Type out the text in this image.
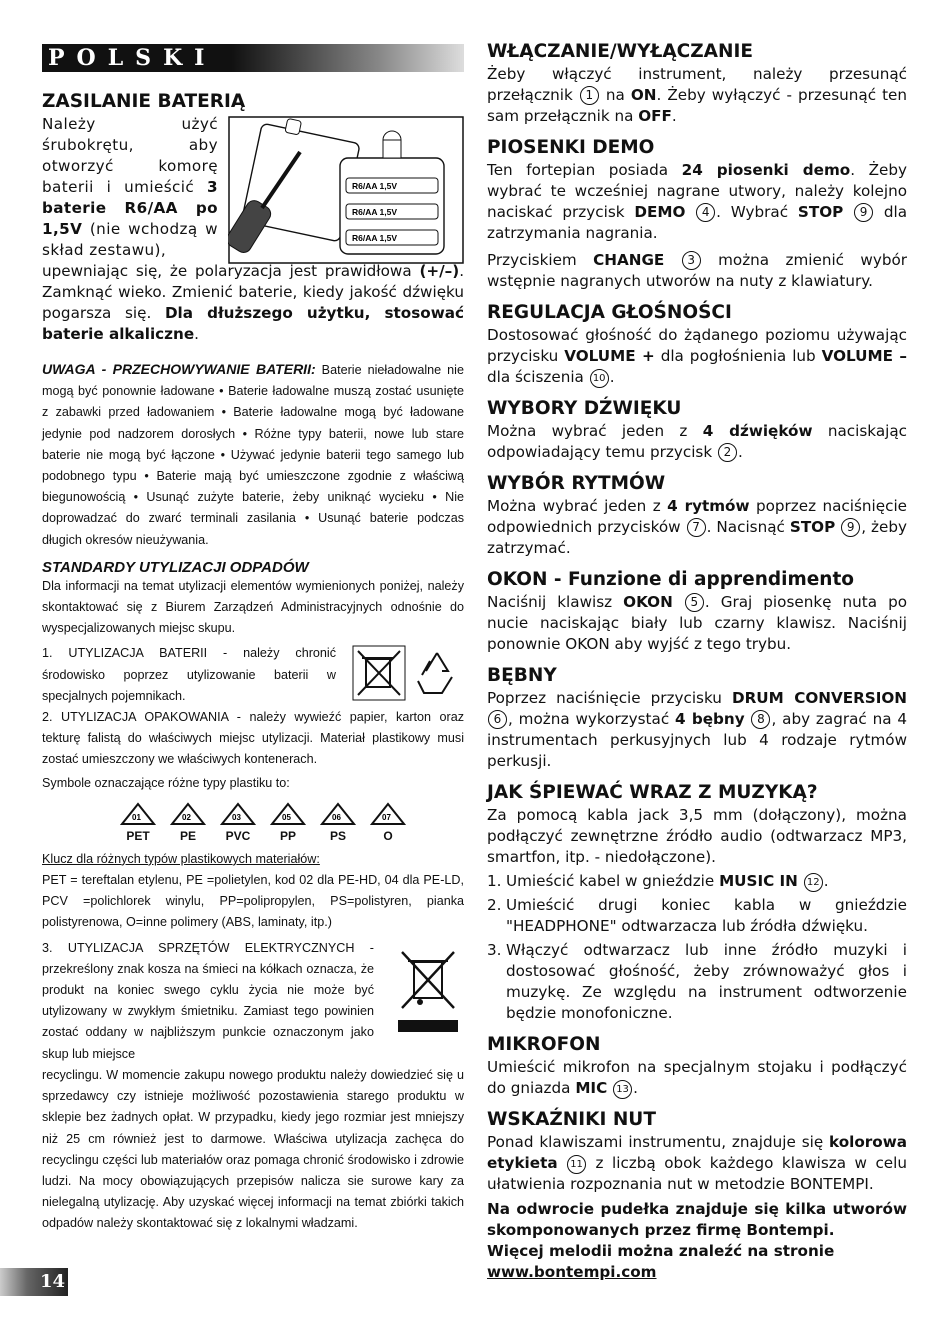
POLSKI
ZASILANIE BATERIĄ
R6/AA 1,5V
R6/AA 1,5V
R6/AA 1,5V

Należy użyć śrubokrętu, aby otworzyć komorę baterii i umieścić 3 baterie R6/AA po 1,5V (nie wchodzą w skład zestawu),

upewniając się, że polaryzacja jest prawidłowa (+/–). Zamknąć wieko. Zmienić baterie, kiedy jakość dźwięku pogarsza się. Dla dłuższego użytku, stosować baterie alkaliczne.

UWAGA - PRZECHOWYWANIE BATERII: Baterie nieładowalne nie mogą być ponownie ładowane • Baterie ładowalne muszą zostać usunięte z zabawki przed ładowaniem • Baterie ładowalne mogą być ładowane jedynie pod nadzorem dorosłych • Różne typy baterii, nowe lub stare baterie nie mogą być łączone • Używać jedynie baterii tego samego lub podobnego typu • Baterie mają być umieszczone zgodnie z właściwą biegunowością • Usunąć zużyte baterie, żeby uniknąć wycieku • Nie doprowadzać do zwarć terminali zasilania • Usunąć baterie podczas długich okresów nieużywania.

STANDARDY UTYLIZACJI ODPADÓW

Dla informacji na temat utylizacji elementów wymienionych poniżej, należy skontaktować się z Biurem Zarządzeń Administracyjnych odnośnie do wyspecjalizowanych miejsc skupu.

1. UTYLIZACJA BATERII - należy chronić środowisko poprzez utylizowanie baterii w specjalnych pojemnikach.

2. UTYLIZACJA OPAKOWANIA - należy wywieźć papier, karton oraz tekturę falistą do właściwych miejsc utylizacji. Materiał plastikowy musi zostać umieszczony we właściwych kontenerach.

Symbole oznaczające różne typy plastiku to:

01
PET
02
PE
03
PVC
05
PP
06
PS
07
O

Klucz dla różnych typów plastikowych materiałów:

PET = tereftalan etylenu, PE =polietylen, kod 02 dla PE-HD, 04 dla PE-LD, PCV =polichlorek winylu, PP=polipropylen, PS=polistyren, pianka polistyrenowa, O=inne polimery (ABS, laminaty, itp.)

3. UTYLIZACJA SPRZĘTÓW ELEKTRYCZNYCH - przekreślony znak kosza na śmieci na kółkach oznacza, że produkt na koniec swego cyklu życia nie może być utylizowany w zwykłym śmietniku. Zamiast tego powinien zostać oddany w najbliższym punkcie oznaczonym jako skup lub miejsce

recyclingu. W momencie zakupu nowego produktu należy dowiedzieć się u sprzedawcy czy istnieje możliwość pozostawienia starego produktu w sklepie bez żadnych opłat. W przypadku, kiedy jego rozmiar jest mniejszy niż 25 cm również jest to darmowe. Właściwa utylizacja zachęca do recyclingu części lub materiałów oraz pomaga chronić środowisko i zdrowie ludzi. Na mocy obowiązujących przepisów nalicza sie surowe kary za nielegalną utylizację. Aby uzyskać więcej informacji na temat zbiórki takich odpadów należy skontaktować się z lokalnymi władzami.

WŁĄCZANIE/WYŁĄCZANIE

Żeby włączyć instrument, należy przesunąć przełącznik 1 na ON. Żeby wyłączyć - przesunąć ten sam przełącznik na OFF.

PIOSENKI DEMO

Ten fortepian posiada 24 piosenki demo. Żeby wybrać te wcześniej nagrane utwory, należy kolejno naciskać przycisk DEMO 4 . Wybrać STOP 9 dla zatrzymania nagrania.

Przyciskiem CHANGE 3 można zmienić wybór wstępnie nagranych utworów na nuty z klawiatury.

REGULACJA GŁOŚNOŚCI

Dostosować głośność do żądanego poziomu używając przycisku VOLUME + dla pogłośnienia lub VOLUME – dla ściszenia 10 .

WYBORY DŹWIĘKU

Można wybrać jeden z 4 dźwięków naciskając odpowiadający temu przycisk 2 .

WYBÓR RYTMÓW

Można wybrać jeden z 4 rytmów poprzez naciśnięcie odpowiednich przycisków 7 . Nacisnąć STOP 9 , żeby zatrzymać.

OKON - Funzione di apprendimento

Naciśnij klawisz OKON 5 . Graj piosenkę nuta po nucie naciskając biały lub czarny klawisz. Naciśnij ponownie OKON aby wyjść z tego trybu.

BĘBNY

Poprzez naciśnięcie przycisku DRUM CONVERSION 6 , można wykorzystać 4 bębny 8 , aby zagrać na 4 instrumentach perkusyjnych lub 4 rodzaje rytmów perkusji.

JAK ŚPIEWAĆ WRAZ Z MUZYKĄ?

Za pomocą kabla jack 3,5 mm (dołączony), można podłączyć zewnętrzne źródło audio (odtwarzacz MP3, smartfon, itp. - niedołączone).

1. Umieścić kabel w gnieździe MUSIC IN 12 .
2. Umieścić drugi koniec kabla w gnieździe "HEADPHONE" odtwarzacza lub źródła dźwięku.
3. Włączyć odtwarzacz lub inne źródło muzyki i dostosować głośność, żeby zrównoważyć głos i muzykę. Ze względu na instrument odtworzenie będzie monofoniczne.
MIKROFON

Umieścić mikrofon na specjalnym stojaku i podłączyć do gniazda MIC 13 .

WSKAŹNIKI NUT

Ponad klawiszami instrumentu, znajduje się kolorowa etykieta 11 z liczbą obok każdego klawisza w celu ułatwienia rozpoznania nut w metodzie BONTEMPI.

Na odwrocie pudełka znajduje się kilka utworów skomponowanych przez firmę Bontempi.

Więcej melodii można znaleźć na stronie
www.bontempi.com

14
